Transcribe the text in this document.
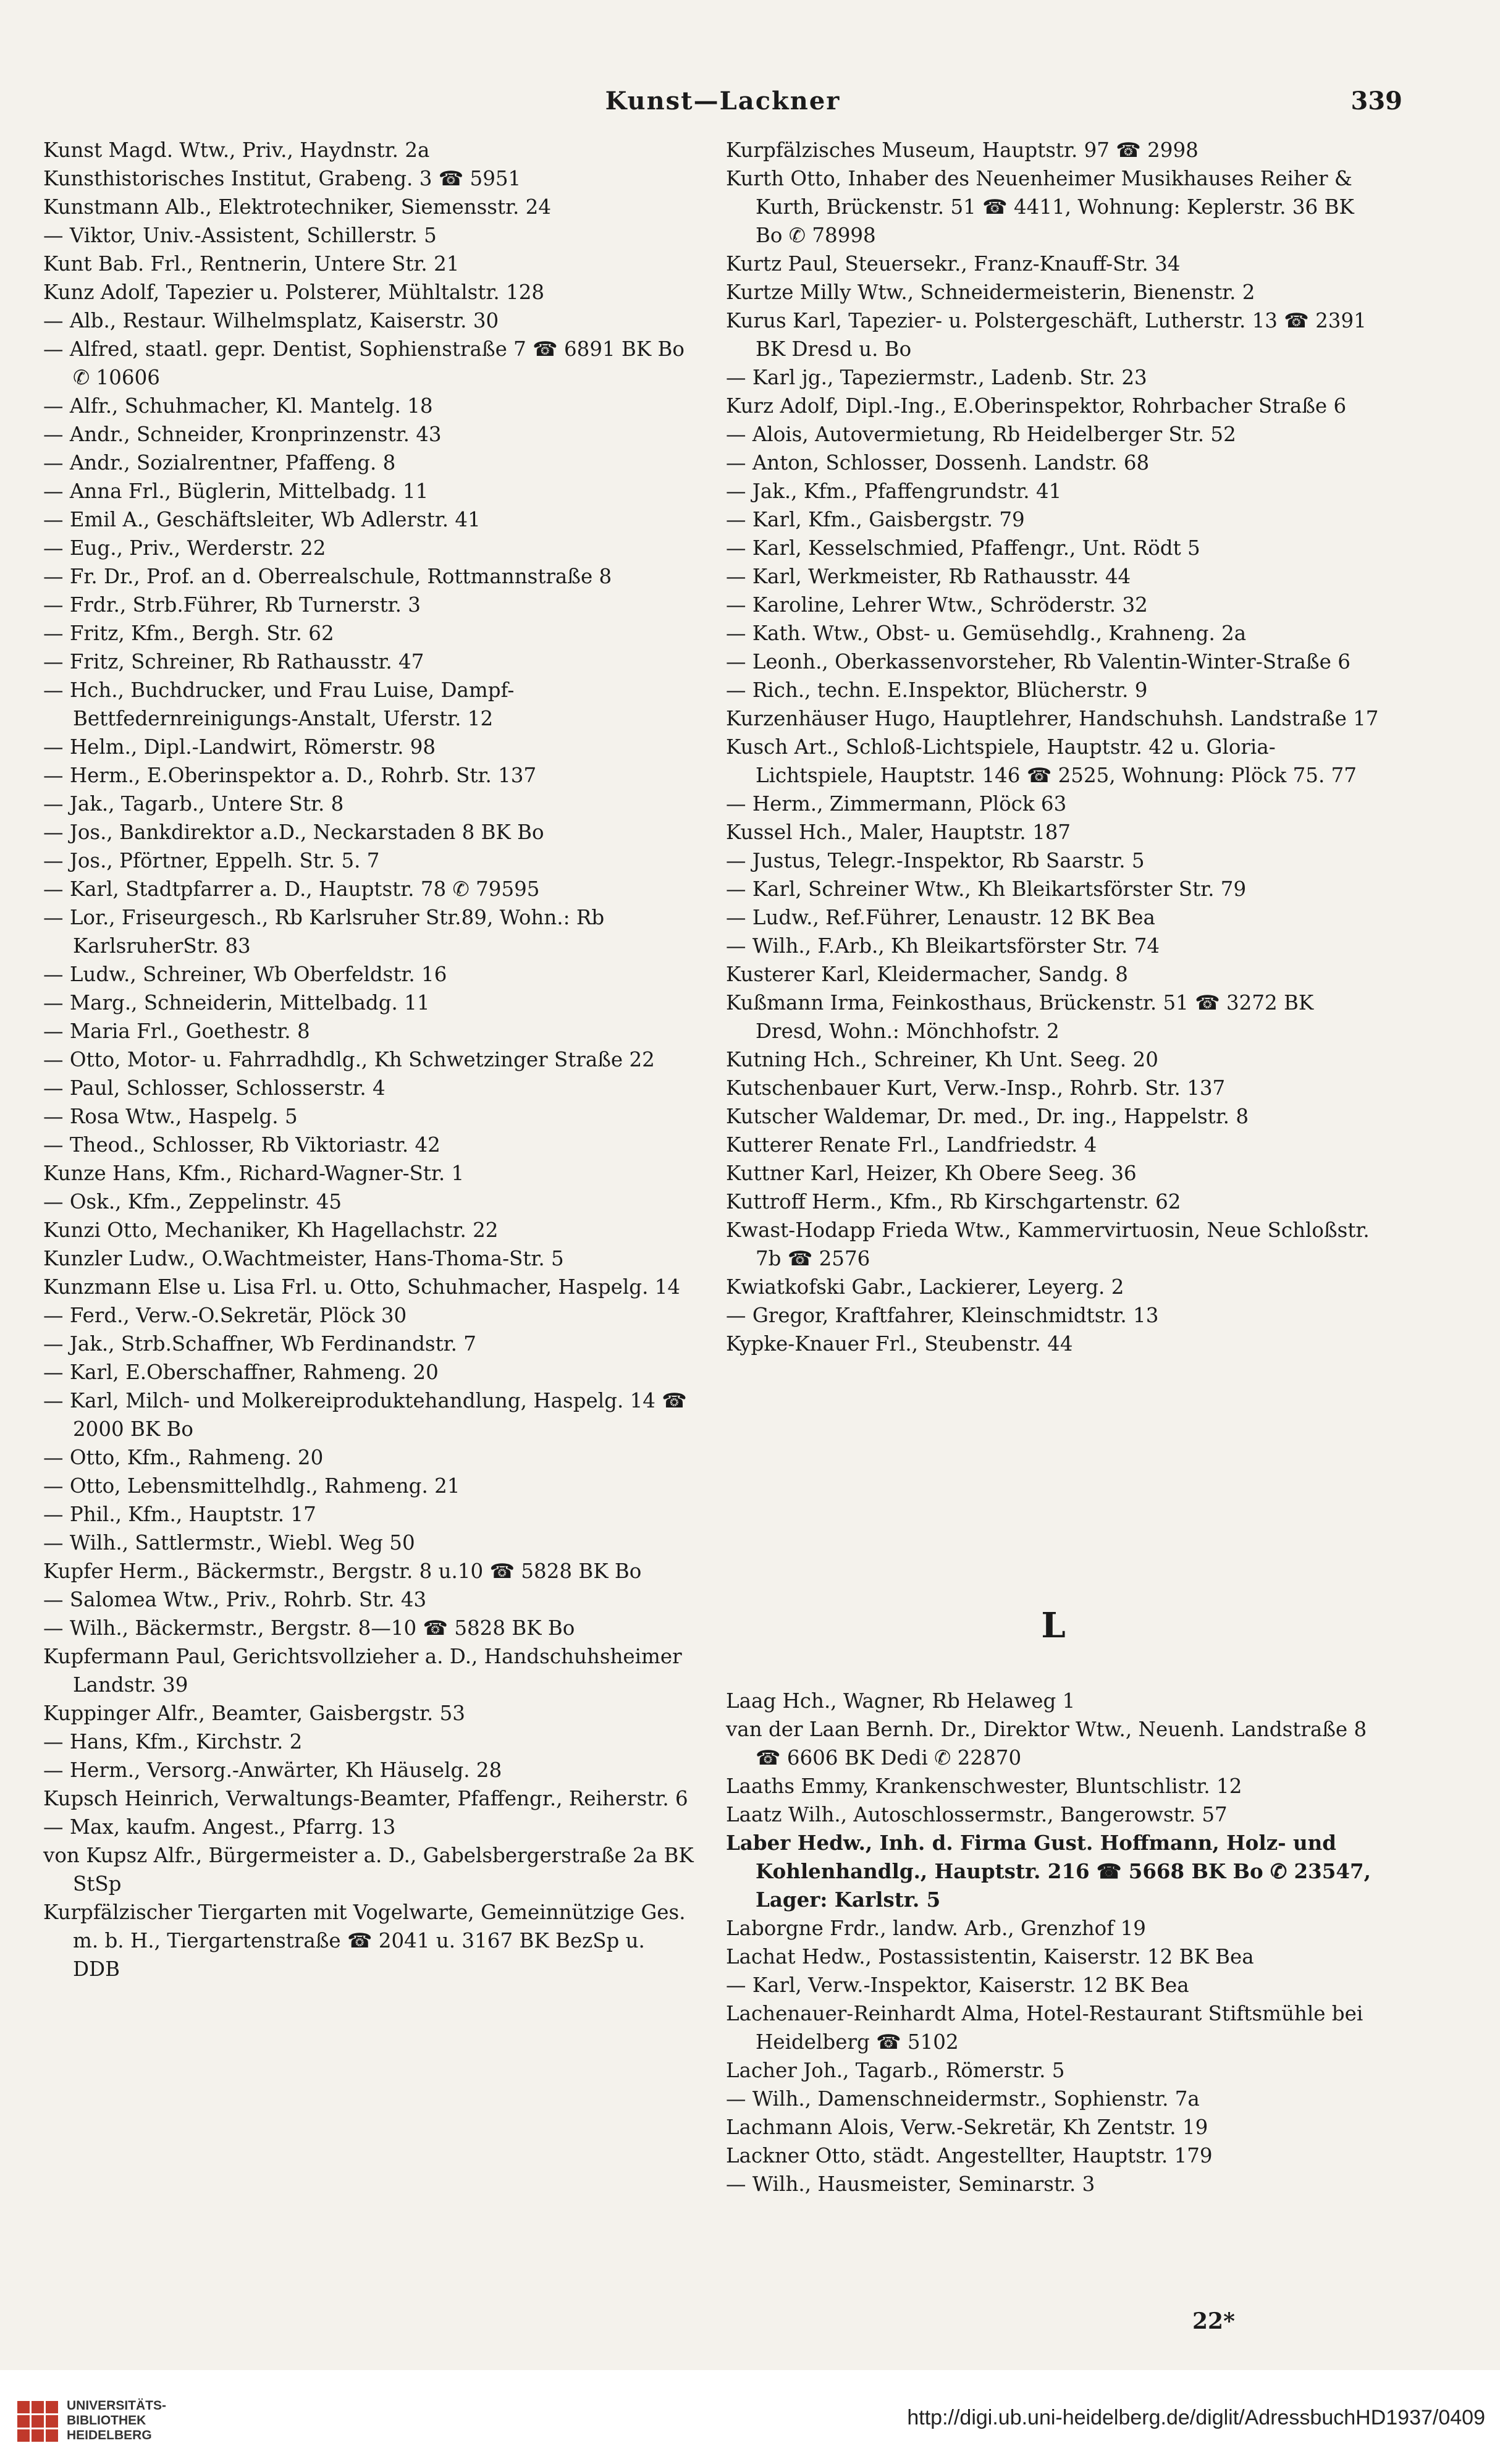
Kunst—Lackner	339

Kunst Magd. Wtw., Priv., Haydnstr. 2a

Kunsthistorisches Institut, Grabeng. 3 ☎ 5951

Kunstmann Alb., Elektrotechniker, Siemensstr. 24

— Viktor, Univ.-Assistent, Schillerstr. 5

Kunt Bab. Frl., Rentnerin, Untere Str. 21

Kunz Adolf, Tapezier u. Polsterer, Mühltalstr. 128

— Alb., Restaur. Wilhelmsplatz, Kaiserstr. 30

— Alfred, staatl. gepr. Dentist, Sophienstraße 7 ☎ 6891 BK Bo ✆ 10606

— Alfr., Schuhmacher, Kl. Mantelg. 18

— Andr., Schneider, Kronprinzenstr. 43

— Andr., Sozialrentner, Pfaffeng. 8

— Anna Frl., Büglerin, Mittelbadg. 11

— Emil A., Geschäftsleiter, Wb Adlerstr. 41

— Eug., Priv., Werderstr. 22

— Fr. Dr., Prof. an d. Oberrealschule, Rottmannstraße 8

— Frdr., Strb.Führer, Rb Turnerstr. 3

— Fritz, Kfm., Bergh. Str. 62

— Fritz, Schreiner, Rb Rathausstr. 47

— Hch., Buchdrucker, und Frau Luise, Dampf-Bettfedernreinigungs-Anstalt, Uferstr. 12

— Helm., Dipl.-Landwirt, Römerstr. 98

— Herm., E.Oberinspektor a. D., Rohrb. Str. 137

— Jak., Tagarb., Untere Str. 8

— Jos., Bankdirektor a.D., Neckarstaden 8 BK Bo

— Jos., Pförtner, Eppelh. Str. 5. 7

— Karl, Stadtpfarrer a. D., Hauptstr. 78 ✆ 79595

— Lor., Friseurgesch., Rb Karlsruher Str.89, Wohn.: Rb KarlsruherStr. 83

— Ludw., Schreiner, Wb Oberfeldstr. 16

— Marg., Schneiderin, Mittelbadg. 11

— Maria Frl., Goethestr. 8

— Otto, Motor- u. Fahrradhdlg., Kh Schwetzinger Straße 22

— Paul, Schlosser, Schlosserstr. 4

— Rosa Wtw., Haspelg. 5

— Theod., Schlosser, Rb Viktoriastr. 42

Kunze Hans, Kfm., Richard-Wagner-Str. 1

— Osk., Kfm., Zeppelinstr. 45

Kunzi Otto, Mechaniker, Kh Hagellachstr. 22

Kunzler Ludw., O.Wachtmeister, Hans-Thoma-Str. 5

Kunzmann Else u. Lisa Frl. u. Otto, Schuhmacher, Haspelg. 14

— Ferd., Verw.-O.Sekretär, Plöck 30

— Jak., Strb.Schaffner, Wb Ferdinandstr. 7

— Karl, E.Oberschaffner, Rahmeng. 20

— Karl, Milch- und Molkereiproduktehandlung, Haspelg. 14 ☎ 2000 BK Bo

— Otto, Kfm., Rahmeng. 20

— Otto, Lebensmittelhdlg., Rahmeng. 21

— Phil., Kfm., Hauptstr. 17

— Wilh., Sattlermstr., Wiebl. Weg 50

Kupfer Herm., Bäckermstr., Bergstr. 8 u.10 ☎ 5828 BK Bo

— Salomea Wtw., Priv., Rohrb. Str. 43

— Wilh., Bäckermstr., Bergstr. 8—10 ☎ 5828 BK Bo

Kupfermann Paul, Gerichtsvollzieher a. D., Handschuhsheimer Landstr. 39

Kuppinger Alfr., Beamter, Gaisbergstr. 53

— Hans, Kfm., Kirchstr. 2

— Herm., Versorg.-Anwärter, Kh Häuselg. 28

Kupsch Heinrich, Verwaltungs-Beamter, Pfaffengr., Reiherstr. 6

— Max, kaufm. Angest., Pfarrg. 13

von Kupsz Alfr., Bürgermeister a. D., Gabelsbergerstraße 2a BK StSp

Kurpfälzischer Tiergarten mit Vogelwarte, Gemeinnützige Ges. m. b. H., Tiergartenstraße ☎ 2041 u. 3167 BK BezSp u. DDB

Kurpfälzisches Museum, Hauptstr. 97 ☎ 2998

Kurth Otto, Inhaber des Neuenheimer Musikhauses Reiher & Kurth, Brückenstr. 51 ☎ 4411, Wohnung: Keplerstr. 36 BK Bo ✆ 78998

Kurtz Paul, Steuersekr., Franz-Knauff-Str. 34

Kurtze Milly Wtw., Schneidermeisterin, Bienenstr. 2

Kurus Karl, Tapezier- u. Polstergeschäft, Lutherstr. 13 ☎ 2391 BK Dresd u. Bo

— Karl jg., Tapeziermstr., Ladenb. Str. 23

Kurz Adolf, Dipl.-Ing., E.Oberinspektor, Rohrbacher Straße 6

— Alois, Autovermietung, Rb Heidelberger Str. 52

— Anton, Schlosser, Dossenh. Landstr. 68

— Jak., Kfm., Pfaffengrundstr. 41

— Karl, Kfm., Gaisbergstr. 79

— Karl, Kesselschmied, Pfaffengr., Unt. Rödt 5

— Karl, Werkmeister, Rb Rathausstr. 44

— Karoline, Lehrer Wtw., Schröderstr. 32

— Kath. Wtw., Obst- u. Gemüsehdlg., Krahneng. 2a

— Leonh., Oberkassenvorsteher, Rb Valentin-Winter-Straße 6

— Rich., techn. E.Inspektor, Blücherstr. 9

Kurzenhäuser Hugo, Hauptlehrer, Handschuhsh. Landstraße 17

Kusch Art., Schloß-Lichtspiele, Hauptstr. 42 u. Gloria-Lichtspiele, Hauptstr. 146 ☎ 2525, Wohnung: Plöck 75. 77

— Herm., Zimmermann, Plöck 63

Kussel Hch., Maler, Hauptstr. 187

— Justus, Telegr.-Inspektor, Rb Saarstr. 5

— Karl, Schreiner Wtw., Kh Bleikartsförster Str. 79

— Ludw., Ref.Führer, Lenaustr. 12 BK Bea

— Wilh., F.Arb., Kh Bleikartsförster Str. 74

Kusterer Karl, Kleidermacher, Sandg. 8

Kußmann Irma, Feinkosthaus, Brückenstr. 51 ☎ 3272 BK Dresd, Wohn.: Mönchhofstr. 2

Kutning Hch., Schreiner, Kh Unt. Seeg. 20

Kutschenbauer Kurt, Verw.-Insp., Rohrb. Str. 137

Kutscher Waldemar, Dr. med., Dr. ing., Happelstr. 8

Kutterer Renate Frl., Landfriedstr. 4

Kuttner Karl, Heizer, Kh Obere Seeg. 36

Kuttroff Herm., Kfm., Rb Kirschgartenstr. 62

Kwast-Hodapp Frieda Wtw., Kammervirtuosin, Neue Schloßstr. 7b ☎ 2576

Kwiatkofski Gabr., Lackierer, Leyerg. 2

— Gregor, Kraftfahrer, Kleinschmidtstr. 13

Kypke-Knauer Frl., Steubenstr. 44

L

Laag Hch., Wagner, Rb Helaweg 1

van der Laan Bernh. Dr., Direktor Wtw., Neuenh. Landstraße 8 ☎ 6606 BK Dedi ✆ 22870

Laaths Emmy, Krankenschwester, Bluntschlistr. 12

Laatz Wilh., Autoschlossermstr., Bangerowstr. 57

Laber Hedw., Inh. d. Firma Gust. Hoffmann, Holz- und Kohlenhandlg., Hauptstr. 216 ☎ 5668 BK Bo ✆ 23547, Lager: Karlstr. 5

Laborgne Frdr., landw. Arb., Grenzhof 19

Lachat Hedw., Postassistentin, Kaiserstr. 12 BK Bea

— Karl, Verw.-Inspektor, Kaiserstr. 12 BK Bea

Lachenauer-Reinhardt Alma, Hotel-Restaurant Stiftsmühle bei Heidelberg ☎ 5102

Lacher Joh., Tagarb., Römerstr. 5

— Wilh., Damenschneidermstr., Sophienstr. 7a

Lachmann Alois, Verw.-Sekretär, Kh Zentstr. 19

Lackner Otto, städt. Angestellter, Hauptstr. 179

— Wilh., Hausmeister, Seminarstr. 3

22*
UNIVERSITÄTS-
BIBLIOTHEK
HEIDELBERG
http://digi.ub.uni-heidelberg.de/diglit/AdressbuchHD1937/0409
